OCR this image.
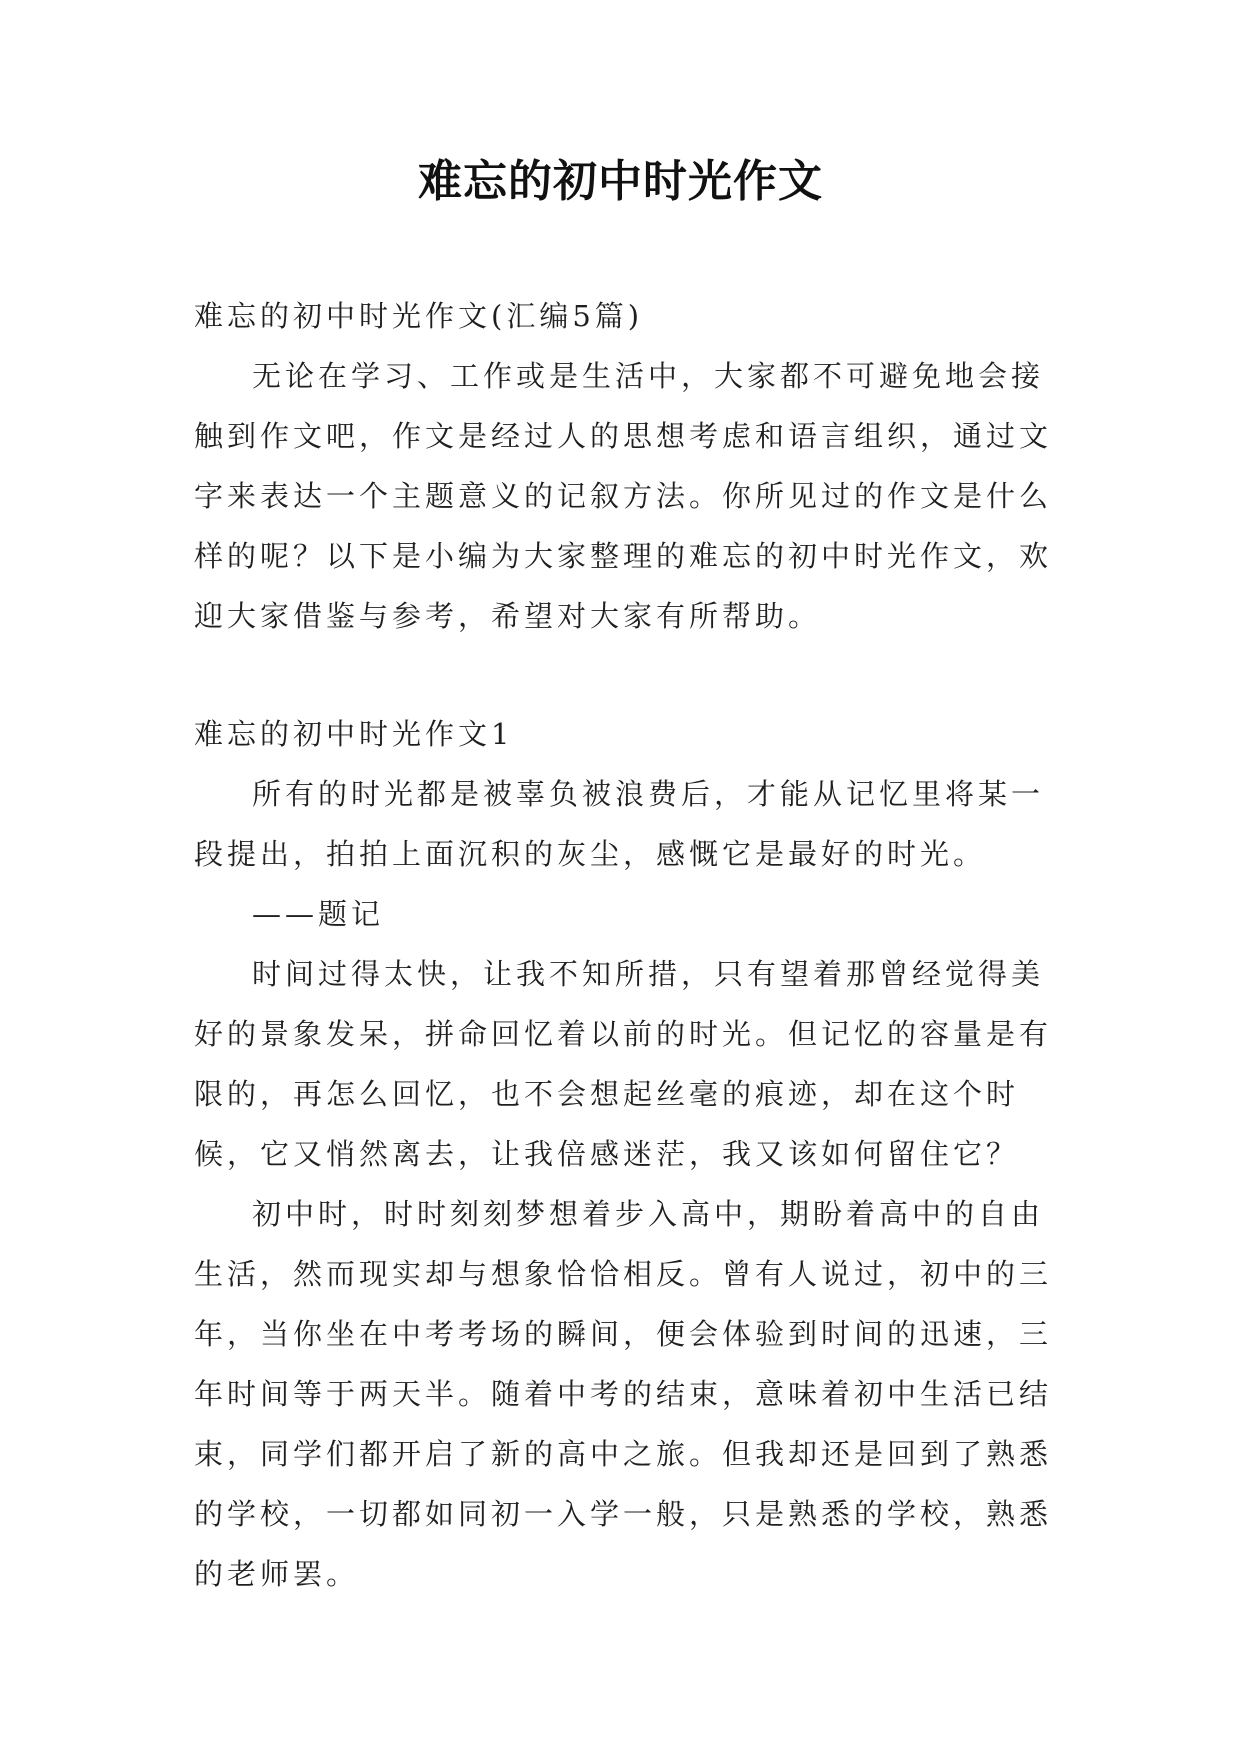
难忘的初中时光作文

难忘的初中时光作文(汇编5篇)

无论在学习、工作或是生活中，大家都不可避免地会接触到作文吧，作文是经过人的思想考虑和语言组织，通过文字来表达一个主题意义的记叙方法。你所见过的作文是什么样的呢？以下是小编为大家整理的难忘的初中时光作文，欢迎大家借鉴与参考，希望对大家有所帮助。

难忘的初中时光作文1

所有的时光都是被辜负被浪费后，才能从记忆里将某一段提出，拍拍上面沉积的灰尘，感慨它是最好的时光。

——题记

时间过得太快，让我不知所措，只有望着那曾经觉得美好的景象发呆，拼命回忆着以前的时光。但记忆的容量是有限的，再怎么回忆，也不会想起丝毫的痕迹，却在这个时候，它又悄然离去，让我倍感迷茫，我又该如何留住它？

初中时，时时刻刻梦想着步入高中，期盼着高中的自由生活，然而现实却与想象恰恰相反。曾有人说过，初中的三年，当你坐在中考考场的瞬间，便会体验到时间的迅速，三年时间等于两天半。随着中考的结束，意味着初中生活已结束，同学们都开启了新的高中之旅。但我却还是回到了熟悉的学校，一切都如同初一入学一般，只是熟悉的学校，熟悉的老师罢。
